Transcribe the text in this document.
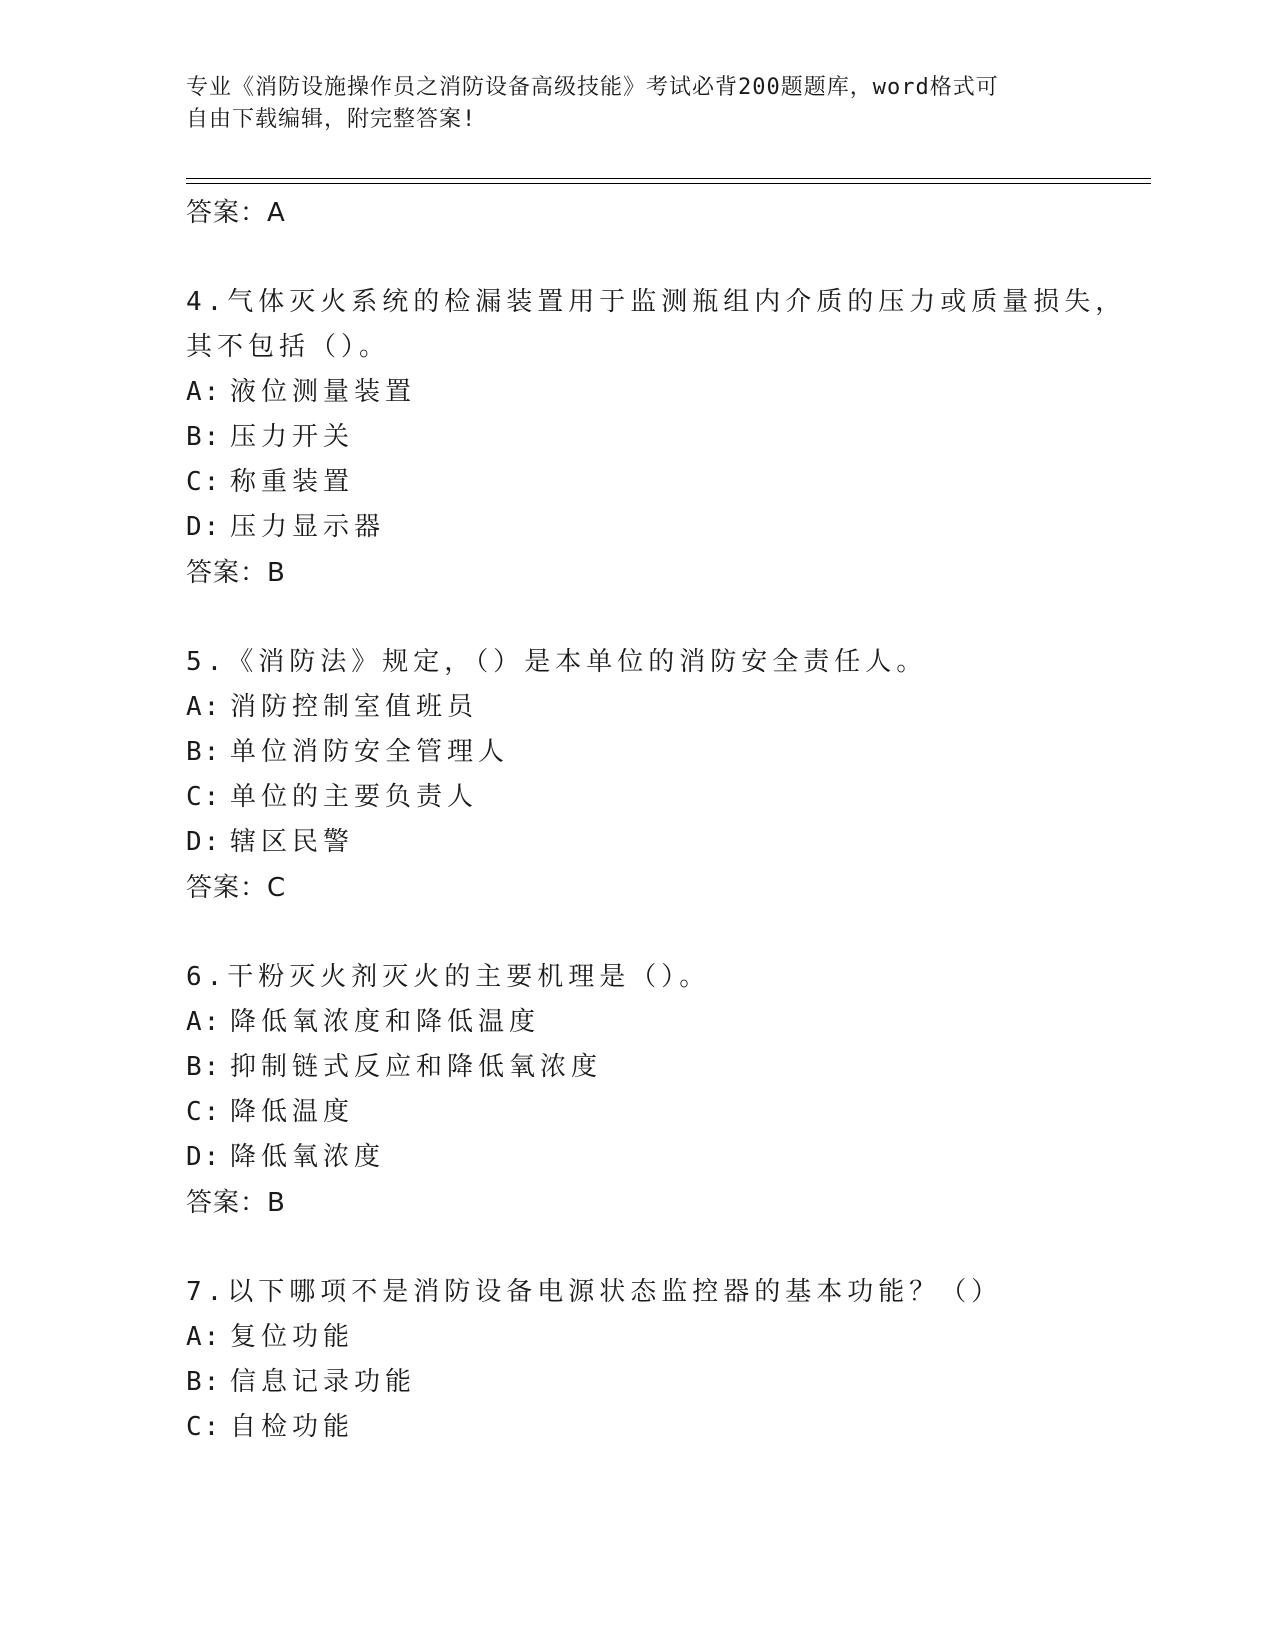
专业《消防设施操作员之消防设备高级技能》考试必背200题题库，word格式可
自由下载编辑，附完整答案!
答案：A
4.气体灭火系统的检漏装置用于监测瓶组内介质的压力或质量损失，其不包括（）。
A: 液位测量装置
B: 压力开关
C: 称重装置
D: 压力显示器
答案：B
5.《消防法》规定，（）是本单位的消防安全责任人。
A: 消防控制室值班员
B: 单位消防安全管理人
C: 单位的主要负责人
D: 辖区民警
答案：C
6.干粉灭火剂灭火的主要机理是（）。
A: 降低氧浓度和降低温度
B: 抑制链式反应和降低氧浓度
C: 降低温度
D: 降低氧浓度
答案：B
7.以下哪项不是消防设备电源状态监控器的基本功能？（）
A: 复位功能
B: 信息记录功能
C: 自检功能
